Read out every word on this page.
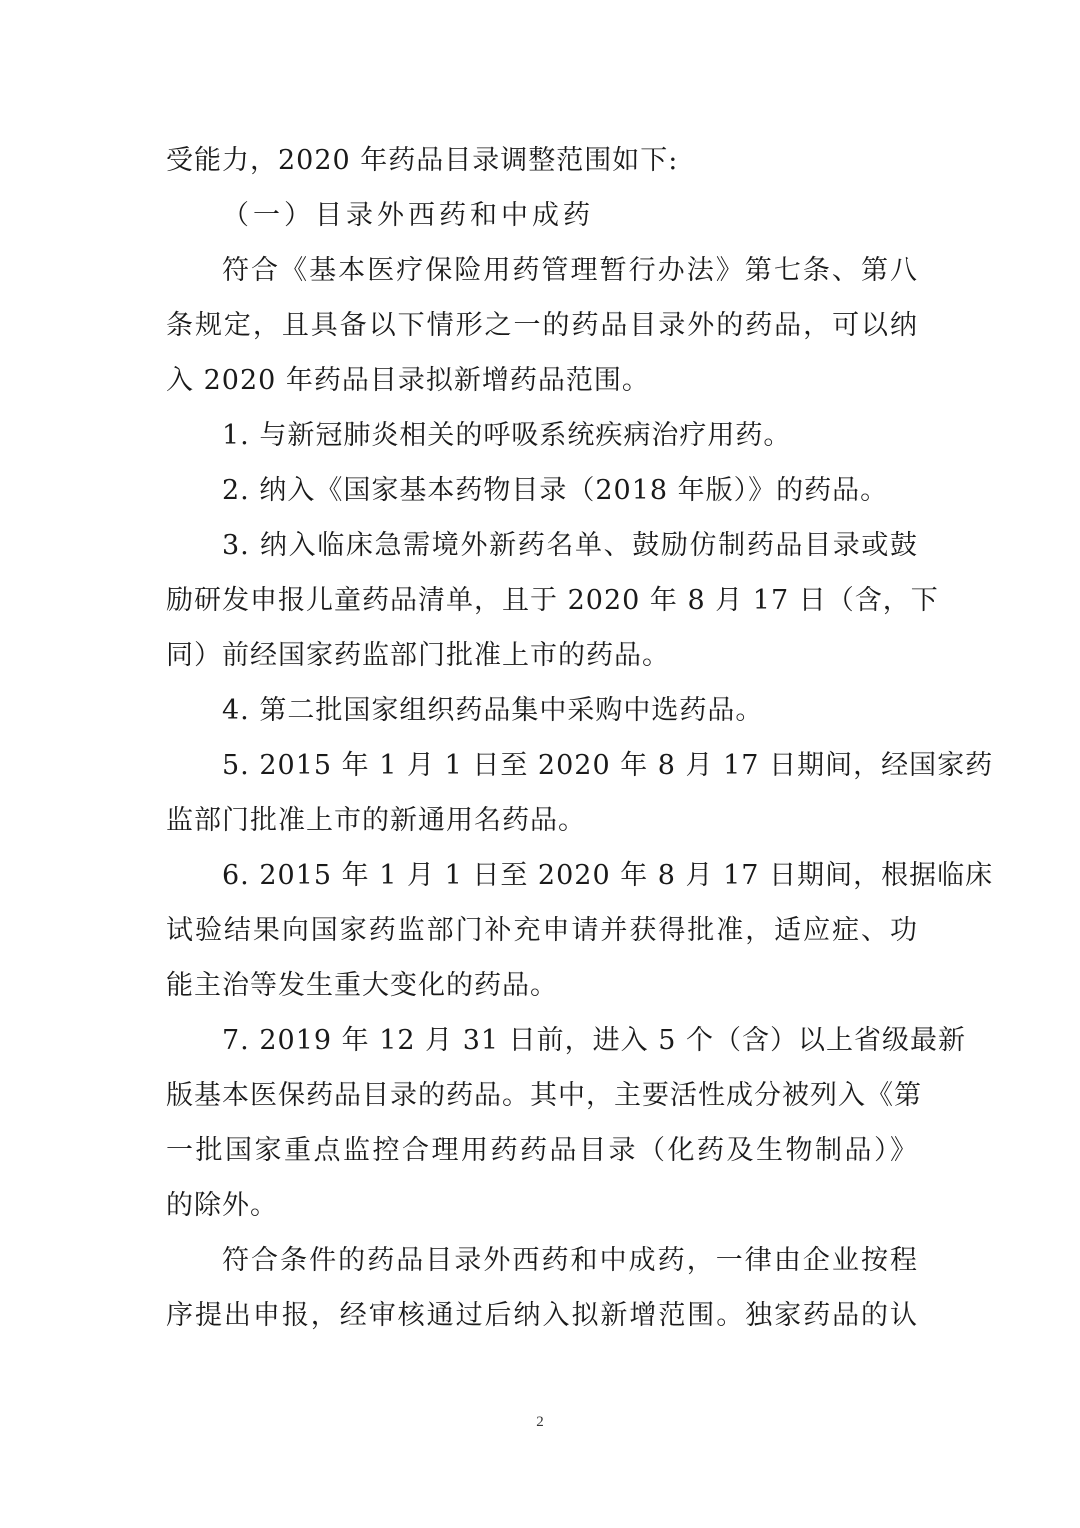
受能力，2020 年药品目录调整范围如下:
（一）目录外西药和中成药
符合《基本医疗保险用药管理暂行办法》第七条、第八
条规定，且具备以下情形之一的药品目录外的药品，可以纳
入 2020 年药品目录拟新增药品范围。
1. 与新冠肺炎相关的呼吸系统疾病治疗用药。
2. 纳入《国家基本药物目录（2018 年版）》的药品。
3. 纳入临床急需境外新药名单、鼓励仿制药品目录或鼓
励研发申报儿童药品清单，且于 2020 年 8 月 17 日（含，下
同）前经国家药监部门批准上市的药品。
4. 第二批国家组织药品集中采购中选药品。
5. 2015 年 1 月 1 日至 2020 年 8 月 17 日期间，经国家药
监部门批准上市的新通用名药品。
6. 2015 年 1 月 1 日至 2020 年 8 月 17 日期间，根据临床
试验结果向国家药监部门补充申请并获得批准，适应症、功
能主治等发生重大变化的药品。
7. 2019 年 12 月 31 日前，进入 5 个（含）以上省级最新
版基本医保药品目录的药品。其中，主要活性成分被列入《第
一批国家重点监控合理用药药品目录（化药及生物制品）》
的除外。
符合条件的药品目录外西药和中成药，一律由企业按程
序提出申报，经审核通过后纳入拟新增范围。独家药品的认
2
